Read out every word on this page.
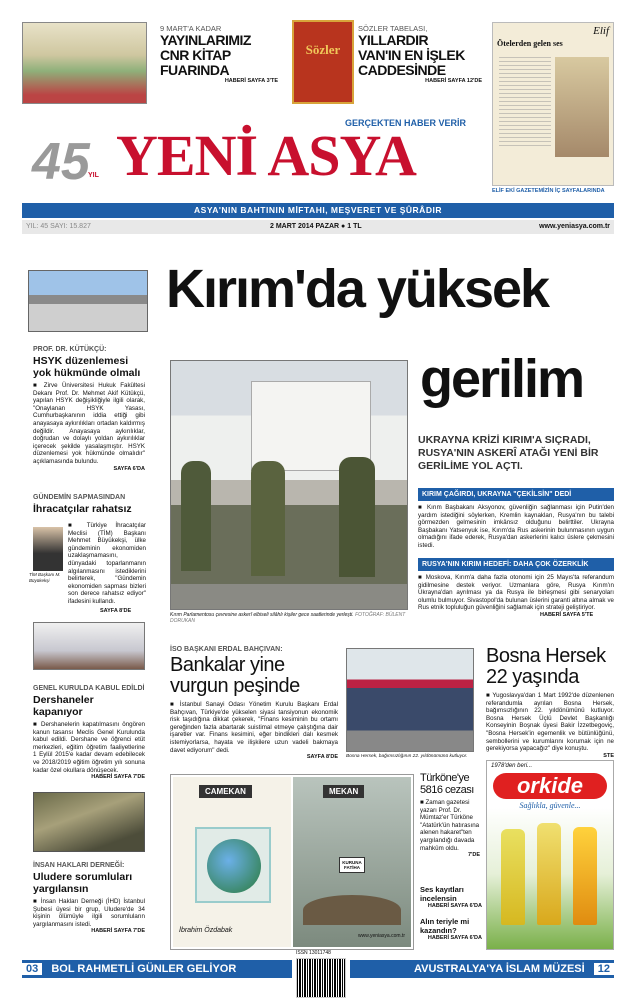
9 MART'A KADAR
YAYINLARIMIZ
CNR KİTAP
FUARINDA
HABERİ SAYFA 3'TE
Sözler
SÖZLER TABELASI,
YILLARDIR
VAN'IN EN İŞLEK
CADDESİNDE
HABERİ SAYFA 12'DE
Elif
Ötelerden gelen ses
ELİF EKİ GAZETEMİZİN İÇ SAYFALARINDA
45
YIL
GERÇEKTEN HABER VERİR
YENİ ASYA
ASYA'NIN BAHTININ MİFTAHI, MEŞVERET VE ŞÛRÂDIR
YIL: 45 SAYI: 15.827	2 MART 2014 PAZAR ● 1 TL	www.yeniasya.com.tr
PROF. DR. KÜTÜKÇÜ:
HSYK düzenlemesi yok hükmünde olmalı
■ Zirve Üniversitesi Hukuk Fakültesi Dekanı Prof. Dr. Mehmet Akif Kütükçü, yapılan HSYK değişikliğiyle ilgili olarak, "Onaylanan HSYK Yasası, Cumhurbaşkanının iddia ettiği gibi anayasaya aykırılıkları ortadan kaldırmış değildir. Anayasaya aykırılıklar, doğrudan ve dolaylı yoldan aykırılıklar içerecek şekilde yasalaşmıştır. HSYK düzenlemesi yok hükmünde olmalıdır" açıklamasında bulundu.
SAYFA 6'DA
GÜNDEMİN SAPMASINDAN
İhracatçılar rahatsız
TİM Başkanı M. Büyükekşi
■ Türkiye İhracatçılar Meclisi (TİM) Başkanı Mehmet Büyükekşi, ülke gündeminin ekonomiden uzaklaşmamasını, dünyadaki toparlanmanın algılanmasını istediklerini belirterek, "Gündemin ekonomiden sapması bizleri son derece rahatsız ediyor" ifadesini kullandı.
SAYFA 8'DE
GENEL KURULDA KABUL EDİLDİ
Dershaneler kapanıyor
■ Dershanelerin kapatılmasını öngören kanun tasarısı Meclis Genel Kurulunda kabul edildi. Dershane ve öğrenci etüt merkezleri, eğitim öğretim faaliyetlerine 1 Eylül 2015'e kadar devam edebilecek ve 2018/2019 eğitim öğretim yılı sonuna kadar özel okullara dönüşecek.
HABERİ SAYFA 7'DE
İNSAN HAKLARI DERNEĞİ:
Uludere sorumluları yargılansın
■ İnsan Hakları Derneği (İHD) İstanbul Şubesi üyesi bir grup, Uludere'de 34 kişinin ölümüyle ilgili sorumluların yargılanmasını istedi.
HABERİ SAYFA 7'DE
Kırım'da yüksek
gerilim
Kırım Parlamentosu çevresine askerî elbiseli silâhlı kişiler gece saatlerinde yerleşti. FOTOĞRAF: BÜLENT DORUKAN
UKRAYNA KRİZİ KIRIM'A SIÇRADI, RUSYA'NIN ASKERÎ ATAĞI YENİ BİR GERİLİME YOL AÇTI.
KIRIM ÇAĞIRDI, UKRAYNA "ÇEKİLSİN" DEDİ
■ Kırım Başbakanı Aksyonov, güvenliğin sağlanması için Putin'den yardım istediğini söylerken, Kremlin kaynakları, Rusya'nın bu talebi görmezden gelmesinin imkânsız olduğunu belirttiler. Ukrayna Başbakanı Yatsenyuk ise, Kırım'da Rus askerinin bulunmasının uygun olmadığını ifade ederek, Rusya'dan askerlerini kalıcı üslere çekmesini istedi.
RUSYA'NIN KIRIM HEDEFİ: DAHA ÇOK ÖZERKLİK
■ Moskova, Kırım'a daha fazla otonomi için 25 Mayıs'ta referandum gidilmesine destek veriyor. Uzmanlara göre, Rusya Kırım'ın Ukrayna'dan ayrılması ya da Rusya ile birleşmesi gibi senaryoları olumlu bulmuyor. Sivastopol'da bulunan üslerini garanti altına almak ve Rus etnik topluluğun güvenliğini sağlamak için strateji geliştiriyor.
HABERİ SAYFA 5'TE
İSO BAŞKANI ERDAL BAHÇIVAN:
Bankalar yine vurgun peşinde
■ İstanbul Sanayi Odası Yönetim Kurulu Başkanı Erdal Bahçıvan, Türkiye'de yükselen siyasi tansiyonun ekonomik risk taşıdığına dikkat çekerek, "Finans kesiminin bu ortamı gereğinden fazla abartarak suistimal etmeye çalıştığına dair işaretler var. Finans kesimini, eğer bindikleri dalı kesmek istemiyorlarsa, hayata ve ilişkilere uzun vadeli bakmaya davet ediyorum" dedi.
SAYFA 8'DE Bosna Hersek, bağımsızlığının 22. yıldönümünü kutluyor.
Bosna Hersek 22 yaşında
■ Yugoslavya'dan 1 Mart 1992'de düzenlenen referandumla ayrılan Bosna Hersek, bağımsızlığının 22. yıldönümünü kutluyor. Bosna Hersek Üçlü Devlet Başkanlığı Konseyinin Boşnak üyesi Bakir İzzetbegoviç, "Bosna Hersek'in egemenlik ve bütünlüğünü, sembollerini ve kurumlarını korumak için ne gerekiyorsa yapacağız" diye konuştu.
STE
CAMEKAN
İbrahim Özdabak
MEKAN
KURUNA FATİHA
www.yeniasya.com.tr
Türköne'ye 5816 cezası
■ Zaman gazetesi yazarı Prof. Dr. Mümtaz'er Türköne "Atatürk'ün hatırasına alenen hakaret"ten yargılandığı davada mahkûm oldu.
7'DE
Ses kayıtları incelensin
HABERİ SAYFA 6'DA
Alın teriyle mi kazandın?
HABERİ SAYFA 6'DA
1978'den beri...
orkide
Sağlıkla, güvenle...
03 BOL RAHMETLİ GÜNLER GELİYOR
ISSN 13011748
AVUSTRALYA'YA İSLAM MÜZESİ 12
